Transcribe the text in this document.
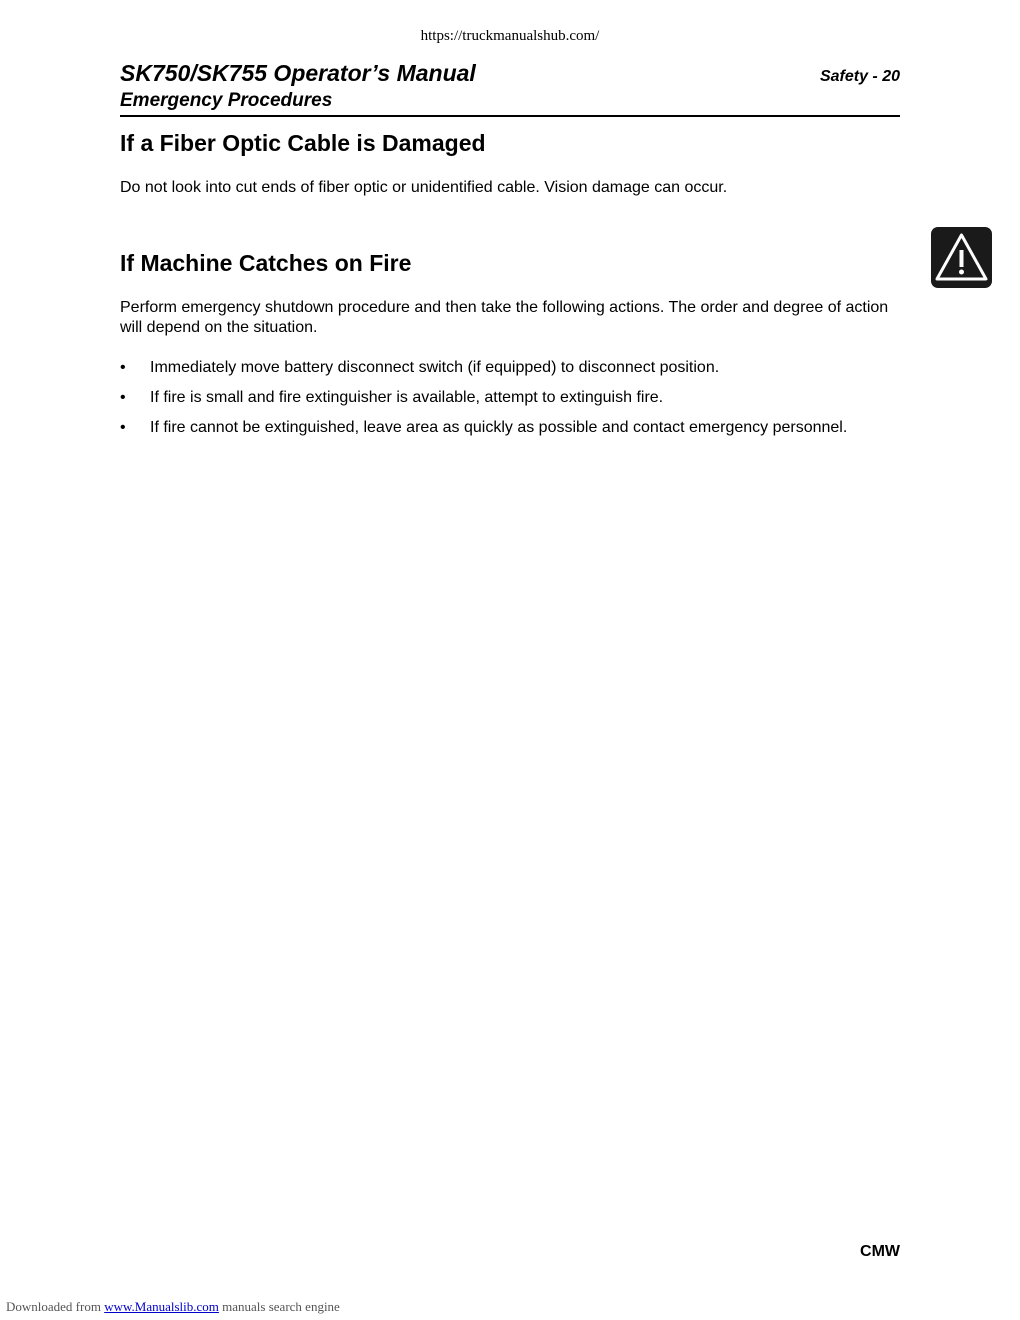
https://truckmanualshub.com/
SK750/SK755 Operator’s Manual
Emergency Procedures
Safety - 20
If a Fiber Optic Cable is Damaged
Do not look into cut ends of fiber optic or unidentified cable. Vision damage can occur.
If Machine Catches on Fire
Perform emergency shutdown procedure and then take the following actions. The order and degree of action will depend on the situation.
• Immediately move battery disconnect switch (if equipped) to disconnect position.
• If fire is small and fire extinguisher is available, attempt to extinguish fire.
• If fire cannot be extinguished, leave area as quickly as possible and contact emergency personnel.
CMW
Downloaded from www.Manualslib.com manuals search engine
